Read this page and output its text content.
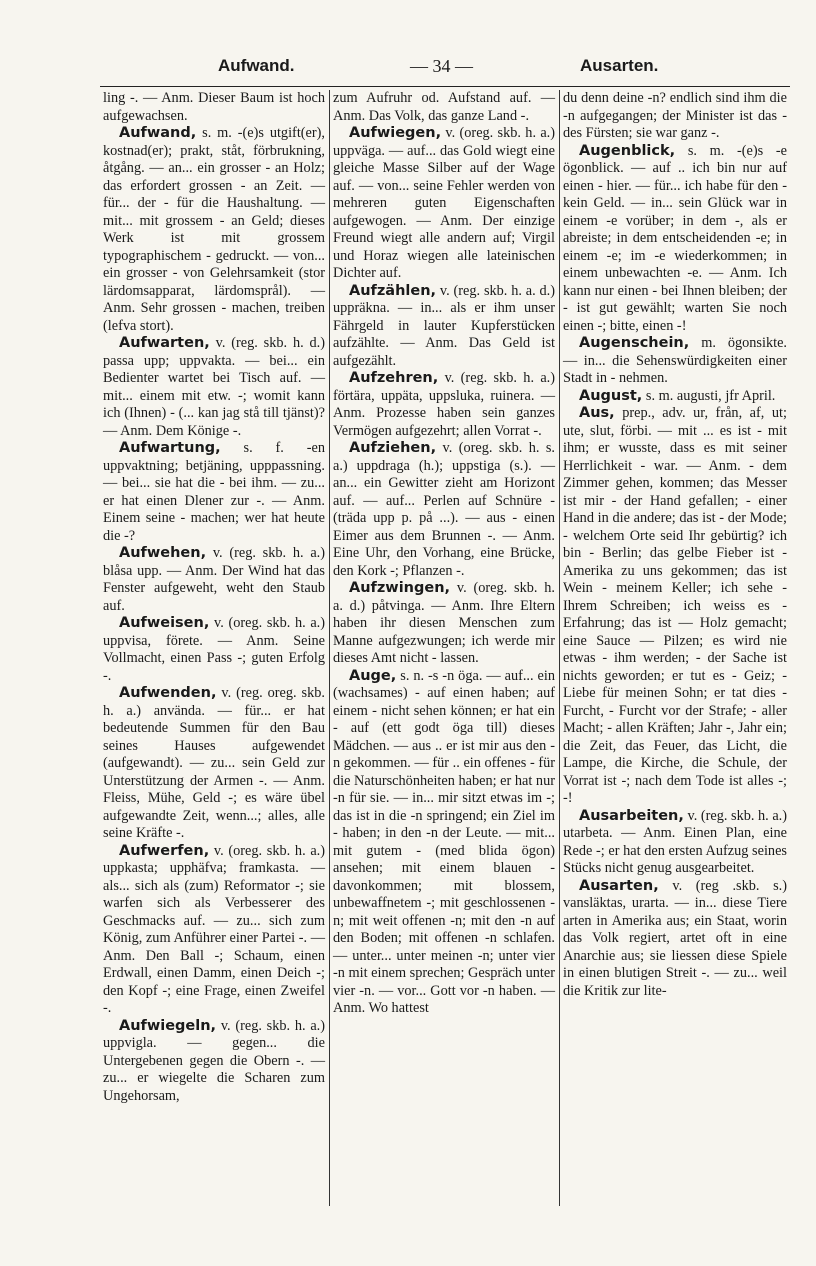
Aufwand.	— 34 —	Ausarten.

ling -. — Anm. Dieser Baum ist hoch aufgewachsen.

Aufwand, s. m. -(e)s utgift(er), kostnad(er); prakt, ståt, förbrukning, åtgång. — an... ein grosser - an Holz; das erfordert grossen - an Zeit. — für... der - für die Haushaltung. — mit... mit grossem - an Geld; dieses Werk ist mit grossem typographischem - gedruckt. — von... ein grosser - von Gelehrsamkeit (stor lärdomsapparat, lärdomsprål). — Anm. Sehr grossen - machen, treiben (lefva stort).

Aufwarten, v. (reg. skb. h. d.) passa upp; uppvakta. — bei... ein Bedienter wartet bei Tisch auf. — mit... einem mit etw. -; womit kann ich (Ihnen) - (... kan jag stå till tjänst)? — Anm. Dem Könige -.

Aufwartung, s. f. -en uppvaktning; betjäning, upppassning. — bei... sie hat die - bei ihm. — zu... er hat einen Dlener zur -. — Anm. Einem seine - machen; wer hat heute die -?

Aufwehen, v. (reg. skb. h. a.) blåsa upp. — Anm. Der Wind hat das Fenster aufgeweht, weht den Staub auf.

Aufweisen, v. (oreg. skb. h. a.) uppvisa, förete. — Anm. Seine Vollmacht, einen Pass -; guten Erfolg -.

Aufwenden, v. (reg. oreg. skb. h. a.) använda. — für... er hat bedeutende Summen für den Bau seines Hauses aufgewendet (aufgewandt). — zu... sein Geld zur Unterstützung der Armen -. — Anm. Fleiss, Mühe, Geld -; es wäre übel aufgewandte Zeit, wenn...; alles, alle seine Kräfte -.

Aufwerfen, v. (oreg. skb. h. a.) uppkasta; upphäfva; framkasta. — als... sich als (zum) Reformator -; sie warfen sich als Verbesserer des Geschmacks auf. — zu... sich zum König, zum Anführer einer Partei -. — Anm. Den Ball -; Schaum, einen Erdwall, einen Damm, einen Deich -; den Kopf -; eine Frage, einen Zweifel -.

Aufwiegeln, v. (reg. skb. h. a.) uppvigla. — gegen... die Untergebenen gegen die Obern -. — zu... er wiegelte die Scharen zum Ungehorsam,

zum Aufruhr od. Aufstand auf. — Anm. Das Volk, das ganze Land -.

Aufwiegen, v. (oreg. skb. h. a.) uppväga. — auf... das Gold wiegt eine gleiche Masse Silber auf der Wage auf. — von... seine Fehler werden von mehreren guten Eigenschaften aufgewogen. — Anm. Der einzige Freund wiegt alle andern auf; Virgil und Horaz wiegen alle lateinischen Dichter auf.

Aufzählen, v. (reg. skb. h. a. d.) uppräkna. — in... als er ihm unser Fährgeld in lauter Kupferstücken aufzählte. — Anm. Das Geld ist aufgezählt.

Aufzehren, v. (reg. skb. h. a.) förtära, uppäta, uppsluka, ruinera. — Anm. Prozesse haben sein ganzes Vermögen aufgezehrt; allen Vorrat -.

Aufziehen, v. (oreg. skb. h. s. a.) uppdraga (h.); uppstiga (s.). — an... ein Gewitter zieht am Horizont auf. — auf... Perlen auf Schnüre - (träda upp p. på ...). — aus - einen Eimer aus dem Brunnen -. — Anm. Eine Uhr, den Vorhang, eine Brücke, den Kork -; Pflanzen -.

Aufzwingen, v. (oreg. skb. h. a. d.) påtvinga. — Anm. Ihre Eltern haben ihr diesen Menschen zum Manne aufgezwungen; ich werde mir dieses Amt nicht - lassen.

Auge, s. n. -s -n öga. — auf... ein (wachsames) - auf einen haben; auf einem - nicht sehen können; er hat ein - auf (ett godt öga till) dieses Mädchen. — aus .. er ist mir aus den -n gekommen. — für .. ein offenes - für die Naturschönheiten haben; er hat nur -n für sie. — in... mir sitzt etwas im -; das ist in die -n springend; ein Ziel im - haben; in den -n der Leute. — mit... mit gutem - (med blida ögon) ansehen; mit einem blauen - davonkommen; mit blossem, unbewaffnetem -; mit geschlossenen -n; mit weit offenen -n; mit den -n auf den Boden; mit offenen -n schlafen. — unter... unter meinen -n; unter vier -n mit einem sprechen; Gespräch unter vier -n. — vor... Gott vor -n haben. — Anm. Wo hattest

du denn deine -n? endlich sind ihm die -n aufgegangen; der Minister ist das - des Fürsten; sie war ganz -.

Augenblick, s. m. -(e)s -e ögonblick. — auf .. ich bin nur auf einen - hier. — für... ich habe für den - kein Geld. — in... sein Glück war in einem -e vorüber; in dem -, als er abreiste; in dem entscheidenden -e; in einem -e; im -e wiederkommen; in einem unbewachten -e. — Anm. Ich kann nur einen - bei Ihnen bleiben; der - ist gut gewählt; warten Sie noch einen -; bitte, einen -!

Augenschein, m. ögonsikte. — in... die Sehenswürdigkeiten einer Stadt in - nehmen.

August, s. m. augusti, jfr April.

Aus, prep., adv. ur, från, af, ut; ute, slut, förbi. — mit ... es ist - mit ihm; er wusste, dass es mit seiner Herrlichkeit - war. — Anm. - dem Zimmer gehen, kommen; das Messer ist mir - der Hand gefallen; - einer Hand in die andere; das ist - der Mode; - welchem Orte seid Ihr gebürtig? ich bin - Berlin; das gelbe Fieber ist - Amerika zu uns gekommen; das ist Wein - meinem Keller; ich sehe - Ihrem Schreiben; ich weiss es - Erfahrung; das ist — Holz gemacht; eine Sauce — Pilzen; es wird nie etwas - ihm werden; - der Sache ist nichts geworden; er tut es - Geiz; - Liebe für meinen Sohn; er tat dies - Furcht, - Furcht vor der Strafe; - aller Macht; - allen Kräften; Jahr -, Jahr ein; die Zeit, das Feuer, das Licht, die Lampe, die Kirche, die Schule, der Vorrat ist -; nach dem Tode ist alles -; -!

Ausarbeiten, v. (reg. skb. h. a.) utarbeta. — Anm. Einen Plan, eine Rede -; er hat den ersten Aufzug seines Stücks nicht genug ausgearbeitet.

Ausarten, v. (reg .skb. s.) vansläktas, urarta. — in... diese Tiere arten in Amerika aus; ein Staat, worin das Volk regiert, artet oft in eine Anarchie aus; sie liessen diese Spiele in einen blutigen Streit -. — zu... weil die Kritik zur lite-
